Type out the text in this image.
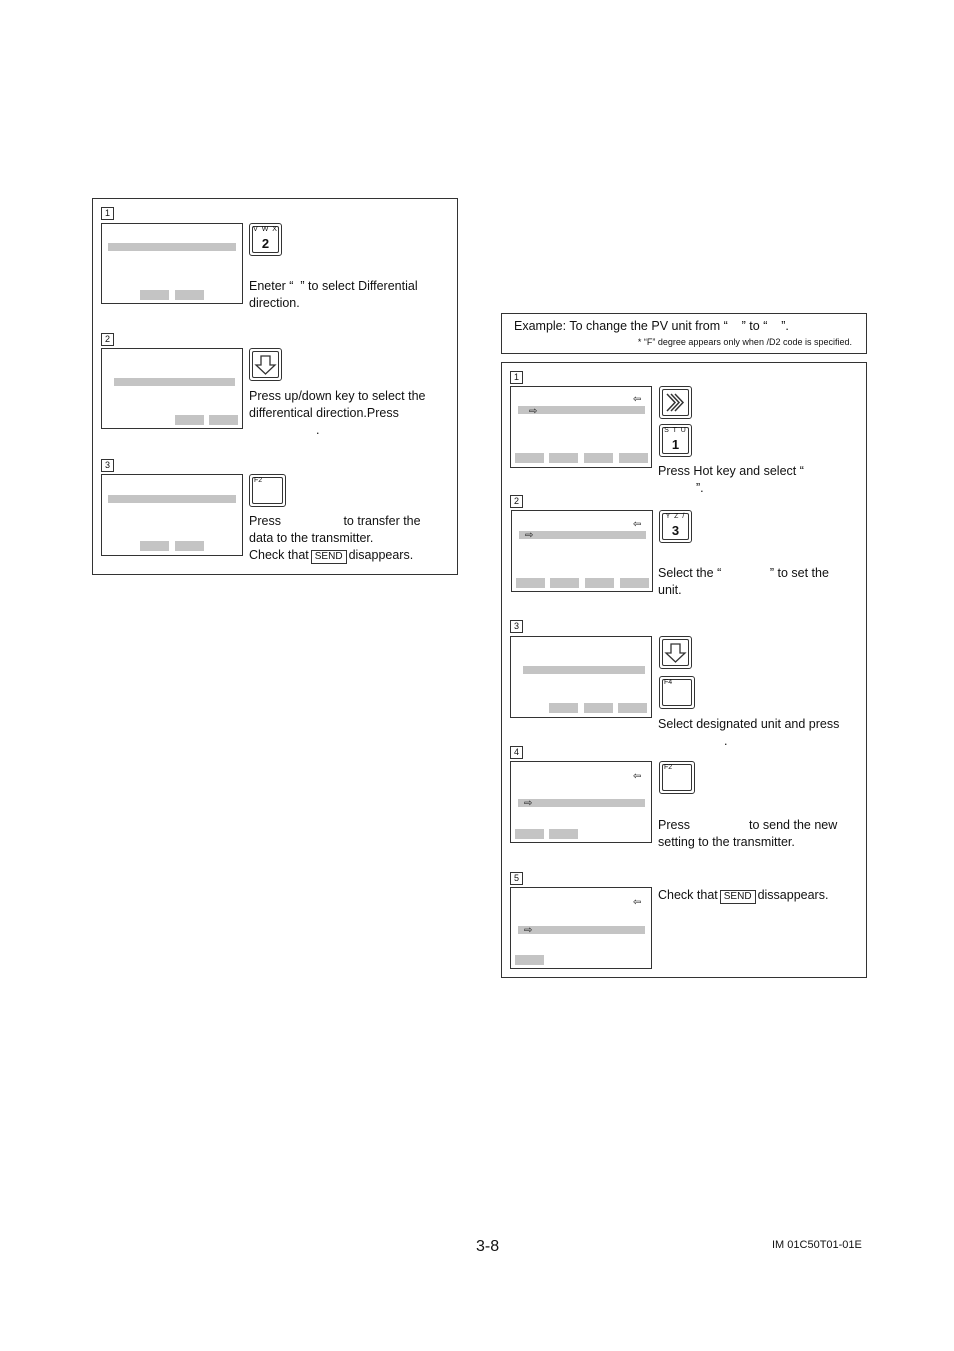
1
V W X
2
Eneter “  ” to select Differential
direction.
2
Press up/down key to select the
differentical direction.Press
.
3
F2
Press                  to transfer the
data to the transmitter.
Check that SEND disappears.
Example: To change the PV unit from “    ” to “    ”.
* “F” degree appears only when /D2 code is specified.
1
⇦
⇨
S T U
1
Press Hot key and select “
”.
2
⇦
⇨
Y Z /
3
Select the “              ” to set the
unit.
3
F4
Select designated unit and press
.
4
⇦
⇨
F2
Press                 to send the new
setting to the transmitter.
5
⇦
⇨
Check that SEND dissappears.
3-8	IM 01C50T01-01E
